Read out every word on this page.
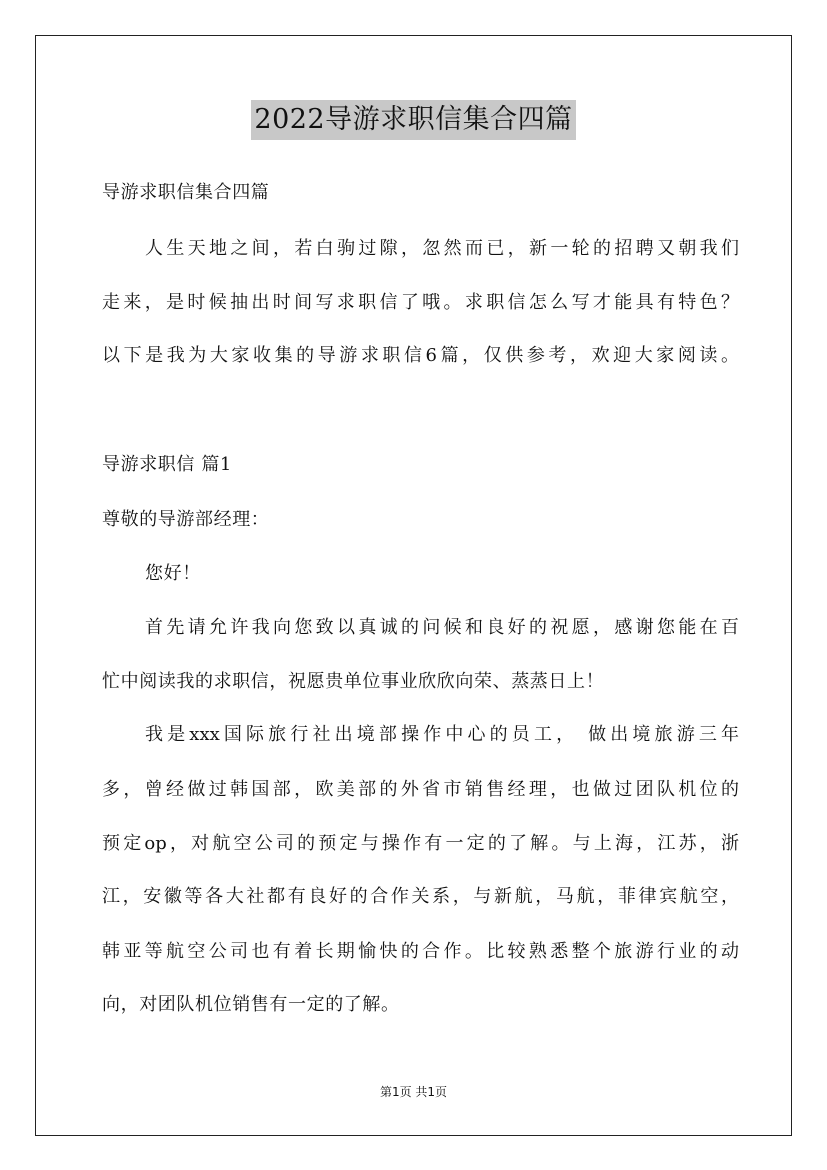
2022导游求职信集合四篇
导游求职信集合四篇
人生天地之间，若白驹过隙，忽然而已，新一轮的招聘又朝我们
走来，是时候抽出时间写求职信了哦。求职信怎么写才能具有特色？
以下是我为大家收集的导游求职信6篇，仅供参考，欢迎大家阅读。
导游求职信 篇1
尊敬的导游部经理：
您好！
首先请允许我向您致以真诚的问候和良好的祝愿，感谢您能在百
忙中阅读我的求职信，祝愿贵单位事业欣欣向荣、蒸蒸日上！
我是xxx国际旅行社出境部操作中心的员工， 做出境旅游三年
多，曾经做过韩国部，欧美部的外省市销售经理，也做过团队机位的
预定op，对航空公司的预定与操作有一定的了解。与上海，江苏，浙
江，安徽等各大社都有良好的合作关系，与新航，马航，菲律宾航空，
韩亚等航空公司也有着长期愉快的合作。比较熟悉整个旅游行业的动
向，对团队机位销售有一定的了解。
第1页 共1页
